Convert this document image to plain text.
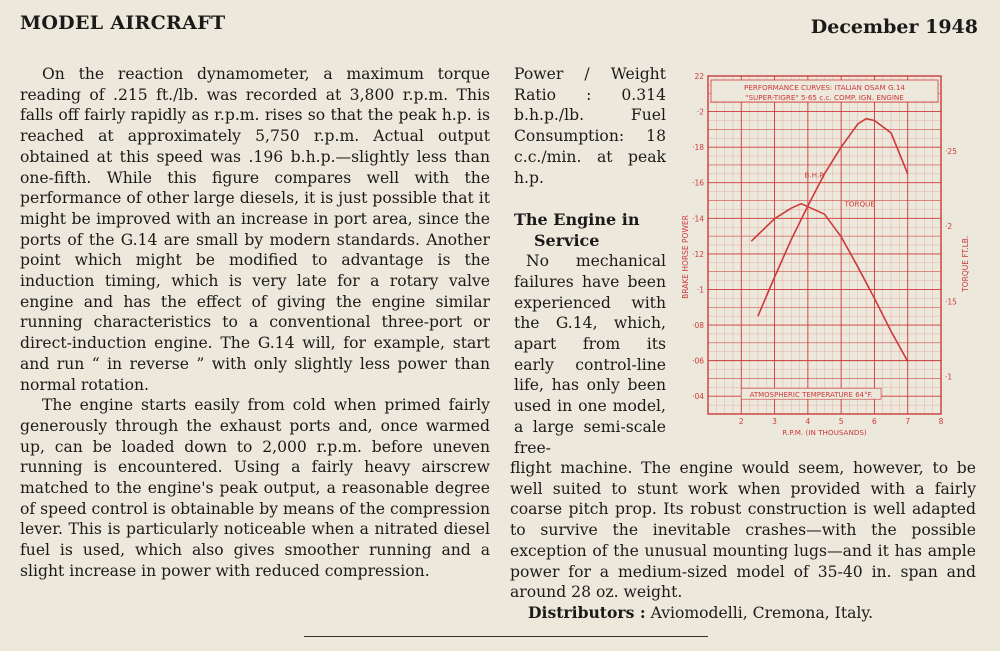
MODEL AIRCRAFT	December 1948

On the reaction dynamometer, a maximum torque reading of .215 ft./lb. was recorded at 3,800 r.p.m. This falls off fairly rapidly as r.p.m. rises so that the peak h.p. is reached at approximately 5,750 r.p.m. Actual output obtained at this speed was .196 b.h.p.—slightly less than one-fifth. While this figure compares well with the performance of other large diesels, it is just possible that it might be improved with an increase in port area, since the ports of the G.14 are small by modern standards. Another point which might be modified to advantage is the induction timing, which is very late for a rotary valve engine and has the effect of giving the engine similar running characteristics to a conventional three-port or direct-induction engine. The G.14 will, for example, start and run “ in reverse ” with only slightly less power than normal rotation.

The engine starts easily from cold when primed fairly generously through the exhaust ports and, once warmed up, can be loaded down to 2,000 r.p.m. before uneven running is encountered. Using a fairly heavy airscrew matched to the engine's peak output, a reasonable degree of speed control is obtainable by means of the compression lever. This is particularly noticeable when a nitrated diesel fuel is used, which also gives smoother running and a slight increase in power with reduced compression.

Power / Weight Ratio : 0.314 b.h.p./lb. Fuel Consumption: 18 c.c./min. at peak h.p.

The Engine in
Service

No mechanical failures have been experienced with the G.14, which, apart from its early control-line life, has only been used in one model, a large semi-scale free-

PERFORMANCE CURVES: ITALIAN OSAM G.14
"SUPER-TIGRE" 5·65 c.c. COMP. IGN. ENGINE
2	3	4	5	6	7	8
R.P.M. (IN THOUSANDS)
·04
·06
·08
·1
·12
·14
·16
·18
·2
22
·1
·15
·2
·25
BRAKE HORSE POWER	TORQUE FT.LB.
B.H.P.
TORQUE
ATMOSPHERIC TEMPERATURE 64°F.

flight machine. The engine would seem, however, to be well suited to stunt work when provided with a fairly coarse pitch prop. Its robust construction is well adapted to survive the inevitable crashes—with the possible exception of the unusual mounting lugs—and it has ample power for a medium-sized model of 35-40 in. span and around 28 oz. weight.

Distributors : Aviomodelli, Cremona, Italy.
